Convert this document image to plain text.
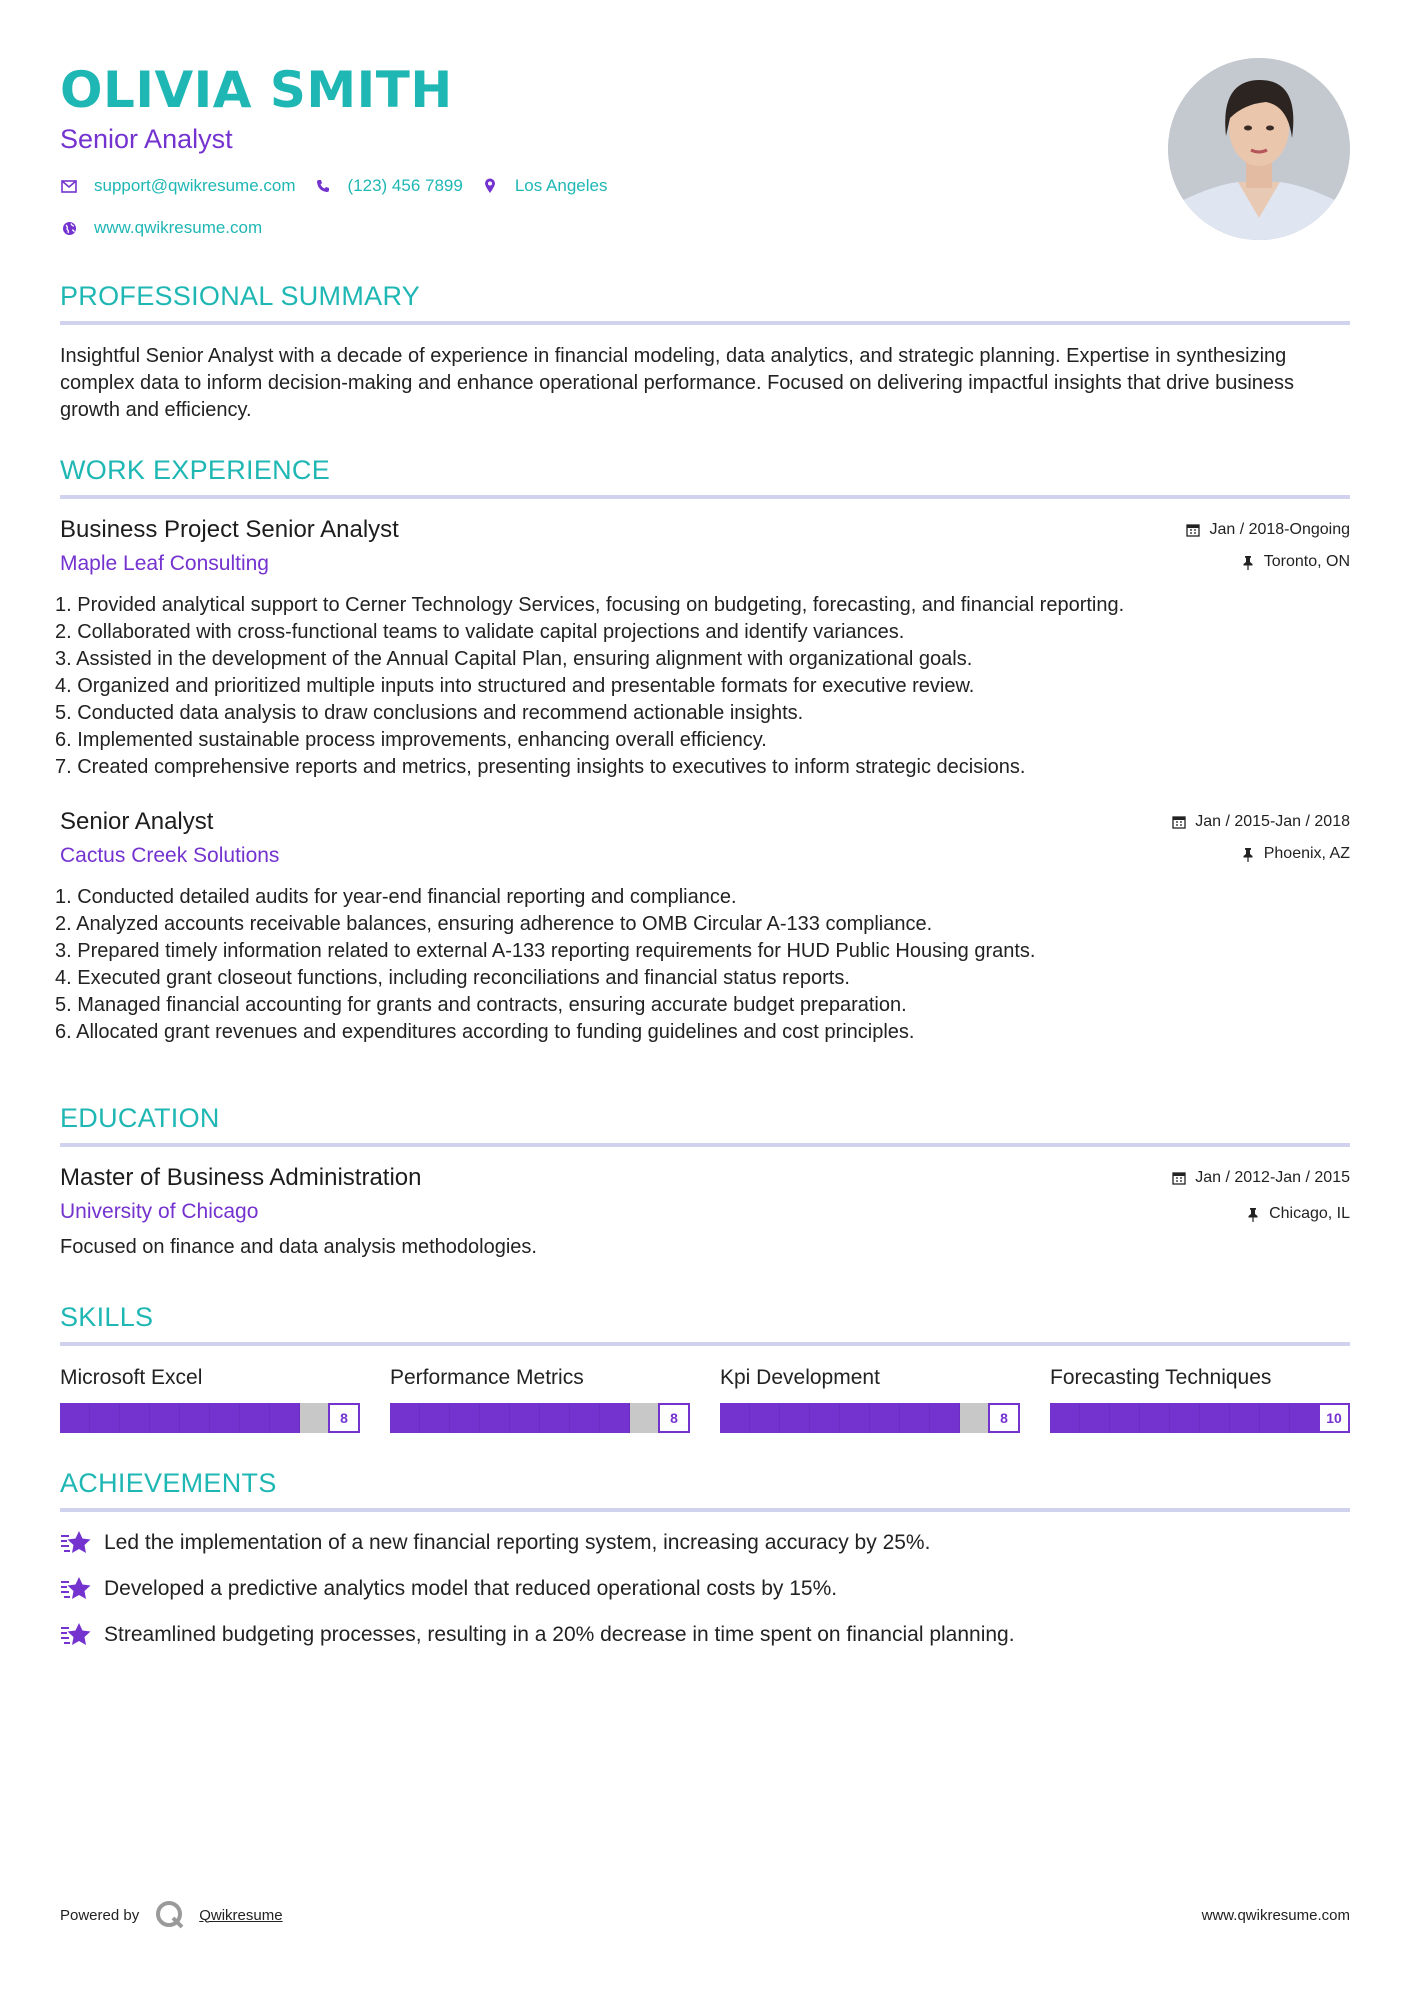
OLIVIA SMITH
Senior Analyst
support@qwikresume.com	(123) 456 7899	Los Angeles
www.qwikresume.com
PROFESSIONAL SUMMARY
Insightful Senior Analyst with a decade of experience in financial modeling, data analytics, and strategic planning. Expertise in synthesizing complex data to inform decision-making and enhance operational performance. Focused on delivering impactful insights that drive business growth and efficiency.
WORK EXPERIENCE
Business Project Senior Analyst
Maple Leaf Consulting
Jan / 2018-Ongoing
Toronto, ON
1. Provided analytical support to Cerner Technology Services, focusing on budgeting, forecasting, and financial reporting.
2. Collaborated with cross-functional teams to validate capital projections and identify variances.
3. Assisted in the development of the Annual Capital Plan, ensuring alignment with organizational goals.
4. Organized and prioritized multiple inputs into structured and presentable formats for executive review.
5. Conducted data analysis to draw conclusions and recommend actionable insights.
6. Implemented sustainable process improvements, enhancing overall efficiency.
7. Created comprehensive reports and metrics, presenting insights to executives to inform strategic decisions.
Senior Analyst
Cactus Creek Solutions
Jan / 2015-Jan / 2018
Phoenix, AZ
1. Conducted detailed audits for year-end financial reporting and compliance.
2. Analyzed accounts receivable balances, ensuring adherence to OMB Circular A-133 compliance.
3. Prepared timely information related to external A-133 reporting requirements for HUD Public Housing grants.
4. Executed grant closeout functions, including reconciliations and financial status reports.
5. Managed financial accounting for grants and contracts, ensuring accurate budget preparation.
6. Allocated grant revenues and expenditures according to funding guidelines and cost principles.
EDUCATION
Master of Business Administration
University of Chicago
Jan / 2012-Jan / 2015
Chicago, IL
Focused on finance and data analysis methodologies.
SKILLS
Microsoft Excel
8
Performance Metrics
8
Kpi Development
8
Forecasting Techniques
10
ACHIEVEMENTS
Led the implementation of a new financial reporting system, increasing accuracy by 25%.
Developed a predictive analytics model that reduced operational costs by 15%.
Streamlined budgeting processes, resulting in a 20% decrease in time spent on financial planning.
Powered by	Qwikresume	www.qwikresume.com
